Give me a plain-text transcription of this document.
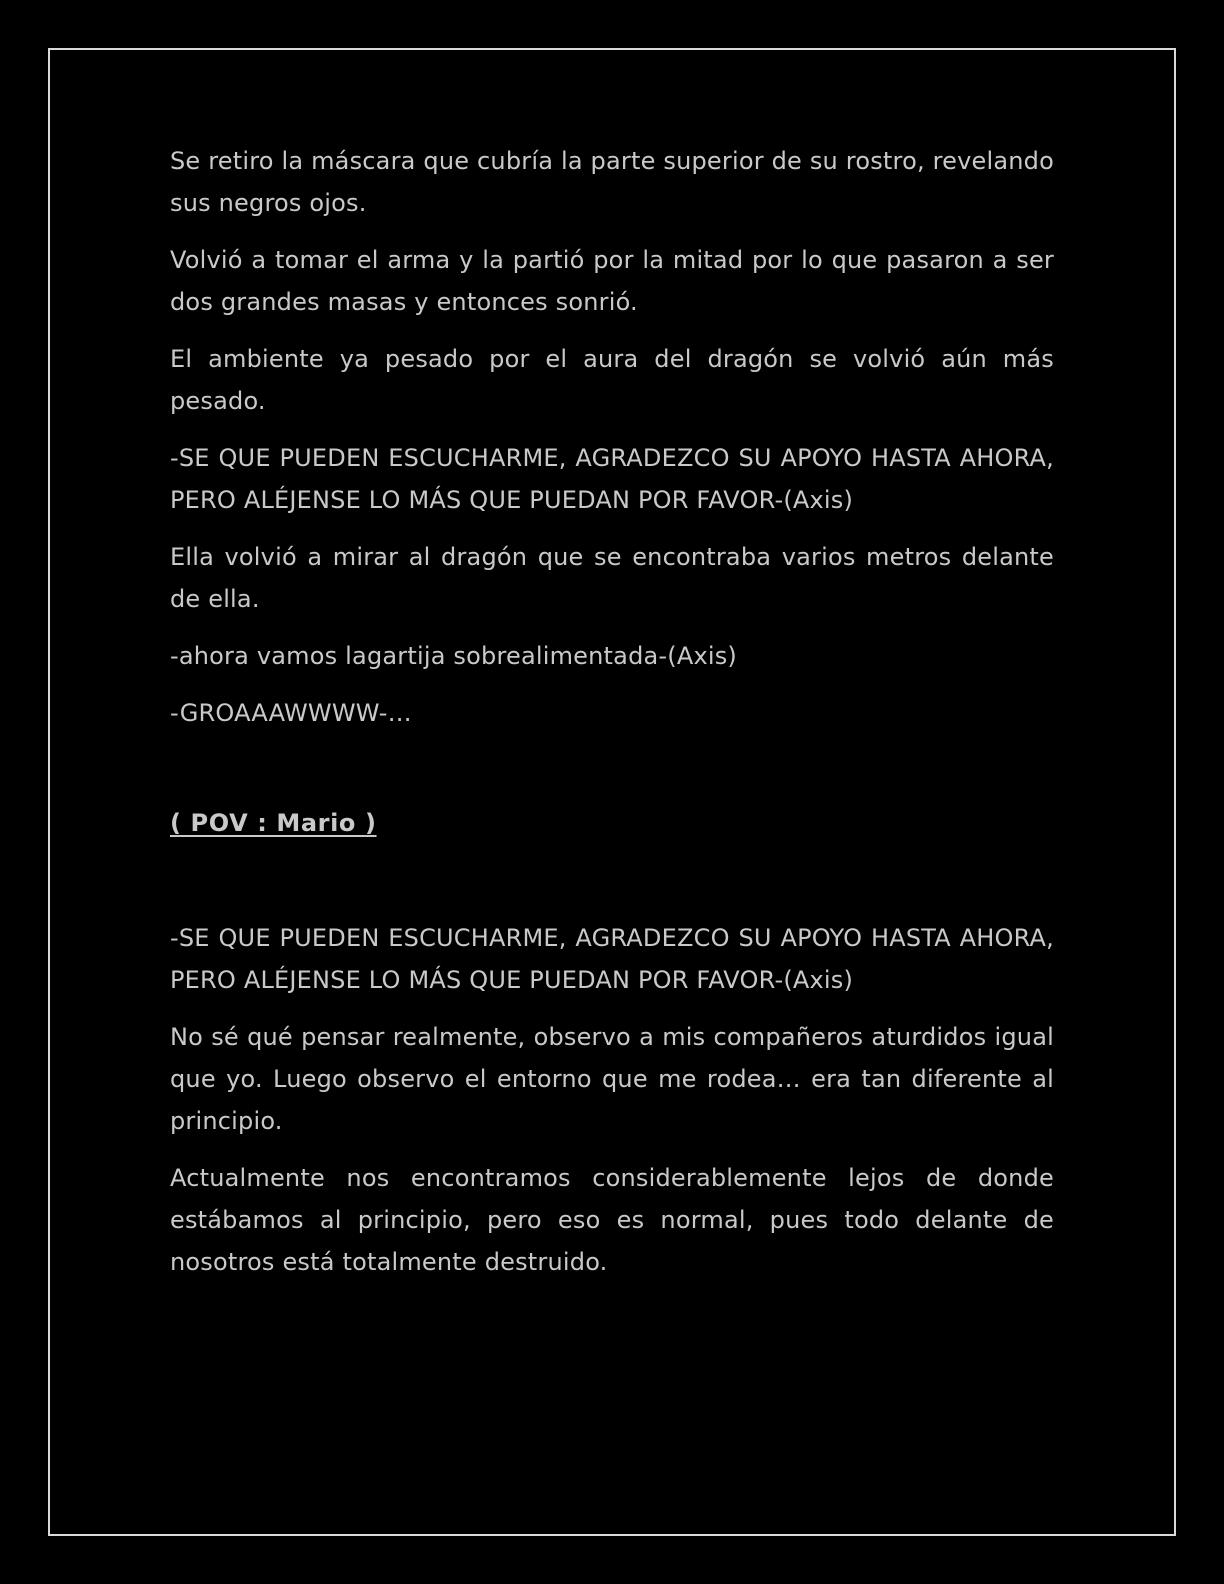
Se retiro la máscara que cubría la parte superior de su rostro, revelando sus negros ojos.

Volvió a tomar el arma y la partió por la mitad por lo que pasaron a ser dos grandes masas y entonces sonrió.

El ambiente ya pesado por el aura del dragón se volvió aún más pesado.

-SE QUE PUEDEN ESCUCHARME, AGRADEZCO SU APOYO HASTA AHORA, PERO ALÉJENSE LO MÁS QUE PUEDAN POR FAVOR-(Axis)

Ella volvió a mirar al dragón que se encontraba varios metros delante de ella.

-ahora vamos lagartija sobrealimentada-(Axis)

-GROAAAWWWW-…

( POV : Mario )

-SE QUE PUEDEN ESCUCHARME, AGRADEZCO SU APOYO HASTA AHORA, PERO ALÉJENSE LO MÁS QUE PUEDAN POR FAVOR-(Axis)

No sé qué pensar realmente, observo a mis compañeros aturdidos igual que yo. Luego observo el entorno que me rodea… era tan diferente al principio.

Actualmente nos encontramos considerablemente lejos de donde estábamos al principio, pero eso es normal, pues todo delante de nosotros está totalmente destruido.
